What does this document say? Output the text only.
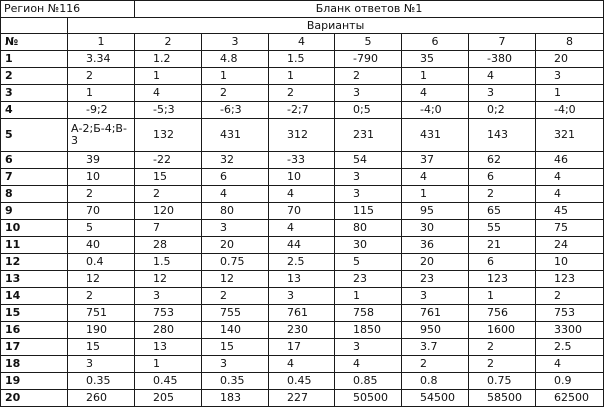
Регион №116		Бланк ответов №1						
	Варианты							
№	1	2	3	4	5	6	7	8
1	3.34	1.2	4.8	1.5	-790	35	-380	20
2	2	1	1	1	2	1	4	3
3	1	4	2	2	3	4	3	1
4	-9;2	-5;3	-6;3	-2;7	0;5	-4;0	0;2	-4;0
5	А-2;Б-4;В-3	132	431	312	231	431	143	321
6	39	-22	32	-33	54	37	62	46
7	10	15	6	10	3	4	6	4
8	2	2	4	4	3	1	2	4
9	70	120	80	70	115	95	65	45
10	5	7	3	4	80	30	55	75
11	40	28	20	44	30	36	21	24
12	0.4	1.5	0.75	2.5	5	20	6	10
13	12	12	12	13	23	23	123	123
14	2	3	2	3	1	3	1	2
15	751	753	755	761	758	761	756	753
16	190	280	140	230	1850	950	1600	3300
17	15	13	15	17	3	3.7	2	2.5
18	3	1	3	4	4	2	2	4
19	0.35	0.45	0.35	0.45	0.85	0.8	0.75	0.9
20	260	205	183	227	50500	54500	58500	62500
